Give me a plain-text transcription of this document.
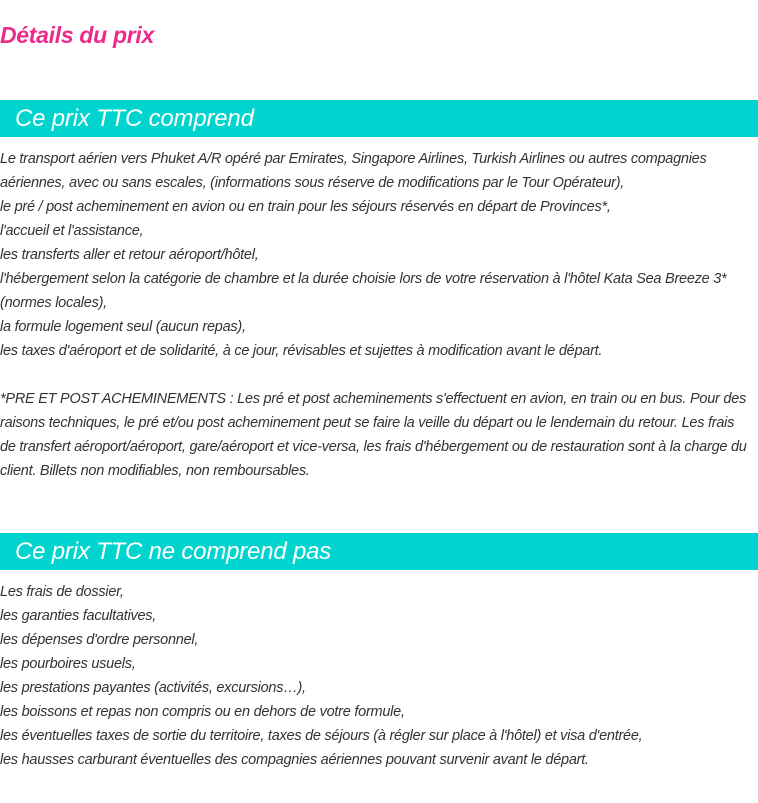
Détails du prix
Ce prix TTC comprend
Le transport aérien vers Phuket A/R opéré par Emirates, Singapore Airlines, Turkish Airlines ou autres compagnies aériennes, avec ou sans escales, (informations sous réserve de modifications par le Tour Opérateur),
le pré / post acheminement en avion ou en train pour les séjours réservés en départ de Provinces*,
l'accueil et l'assistance,
les transferts aller et retour aéroport/hôtel,
l'hébergement selon la catégorie de chambre et la durée choisie lors de votre réservation à l'hôtel Kata Sea Breeze 3* (normes locales),
la formule logement seul (aucun repas),
les taxes d'aéroport et de solidarité, à ce jour, révisables et sujettes à modification avant le départ.

*PRE ET POST ACHEMINEMENTS : Les pré et post acheminements s'effectuent en avion, en train ou en bus. Pour des raisons techniques, le pré et/ou post acheminement peut se faire la veille du départ ou le lendemain du retour. Les frais de transfert aéroport/aéroport, gare/aéroport et vice-versa, les frais d'hébergement ou de restauration sont à la charge du client. Billets non modifiables, non remboursables.

Ce prix TTC ne comprend pas
Les frais de dossier,
les garanties facultatives,
les dépenses d'ordre personnel,
les pourboires usuels,
les prestations payantes (activités, excursions…),
les boissons et repas non compris ou en dehors de votre formule,
les éventuelles taxes de sortie du territoire, taxes de séjours (à régler sur place à l'hôtel) et visa d'entrée,
les hausses carburant éventuelles des compagnies aériennes pouvant survenir avant le départ.
